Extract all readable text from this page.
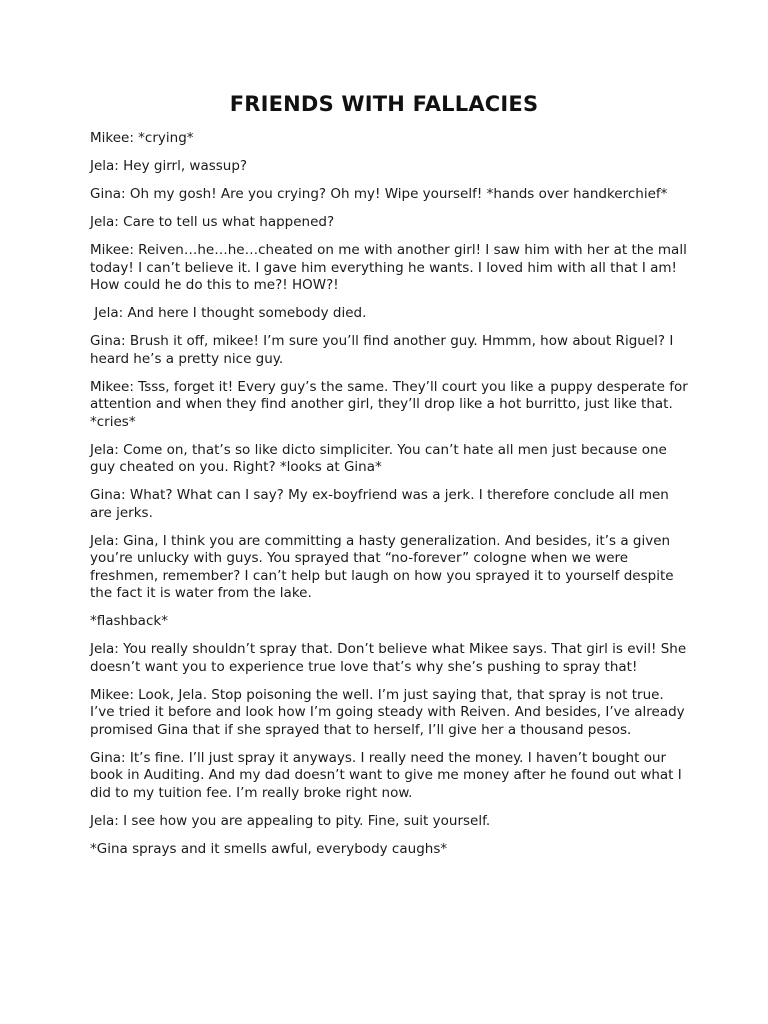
FRIENDS WITH FALLACIES

Mikee: *crying*

Jela: Hey girrl, wassup?

Gina: Oh my gosh! Are you crying? Oh my! Wipe yourself! *hands over handkerchief*

Jela: Care to tell us what happened?

Mikee: Reiven…he…he…cheated on me with another girl! I saw him with her at the mall today! I can’t believe it. I gave him everything he wants. I loved him with all that I am! How could he do this to me?! HOW?!

Jela: And here I thought somebody died.

Gina: Brush it off, mikee! I’m sure you’ll find another guy. Hmmm, how about Riguel? I heard he’s a pretty nice guy.

Mikee: Tsss, forget it! Every guy’s the same. They’ll court you like a puppy desperate for attention and when they find another girl, they’ll drop like a hot burritto, just like that. *cries*

Jela: Come on, that’s so like dicto simpliciter. You can’t hate all men just because one guy cheated on you. Right? *looks at Gina*

Gina: What? What can I say? My ex-boyfriend was a jerk. I therefore conclude all men are jerks.

Jela: Gina, I think you are committing a hasty generalization. And besides, it’s a given you’re unlucky with guys. You sprayed that “no-forever” cologne when we were freshmen, remember? I can’t help but laugh on how you sprayed it to yourself despite the fact it is water from the lake.

*flashback*

Jela: You really shouldn’t spray that. Don’t believe what Mikee says. That girl is evil! She doesn’t want you to experience true love that’s why she’s pushing to spray that!

Mikee: Look, Jela. Stop poisoning the well. I’m just saying that, that spray is not true. I’ve tried it before and look how I’m going steady with Reiven. And besides, I’ve already promised Gina that if she sprayed that to herself, I’ll give her a thousand pesos.

Gina: It’s fine. I’ll just spray it anyways. I really need the money. I haven’t bought our book in Auditing. And my dad doesn’t want to give me money after he found out what I did to my tuition fee. I’m really broke right now.

Jela: I see how you are appealing to pity. Fine, suit yourself.

*Gina sprays and it smells awful, everybody caughs*
